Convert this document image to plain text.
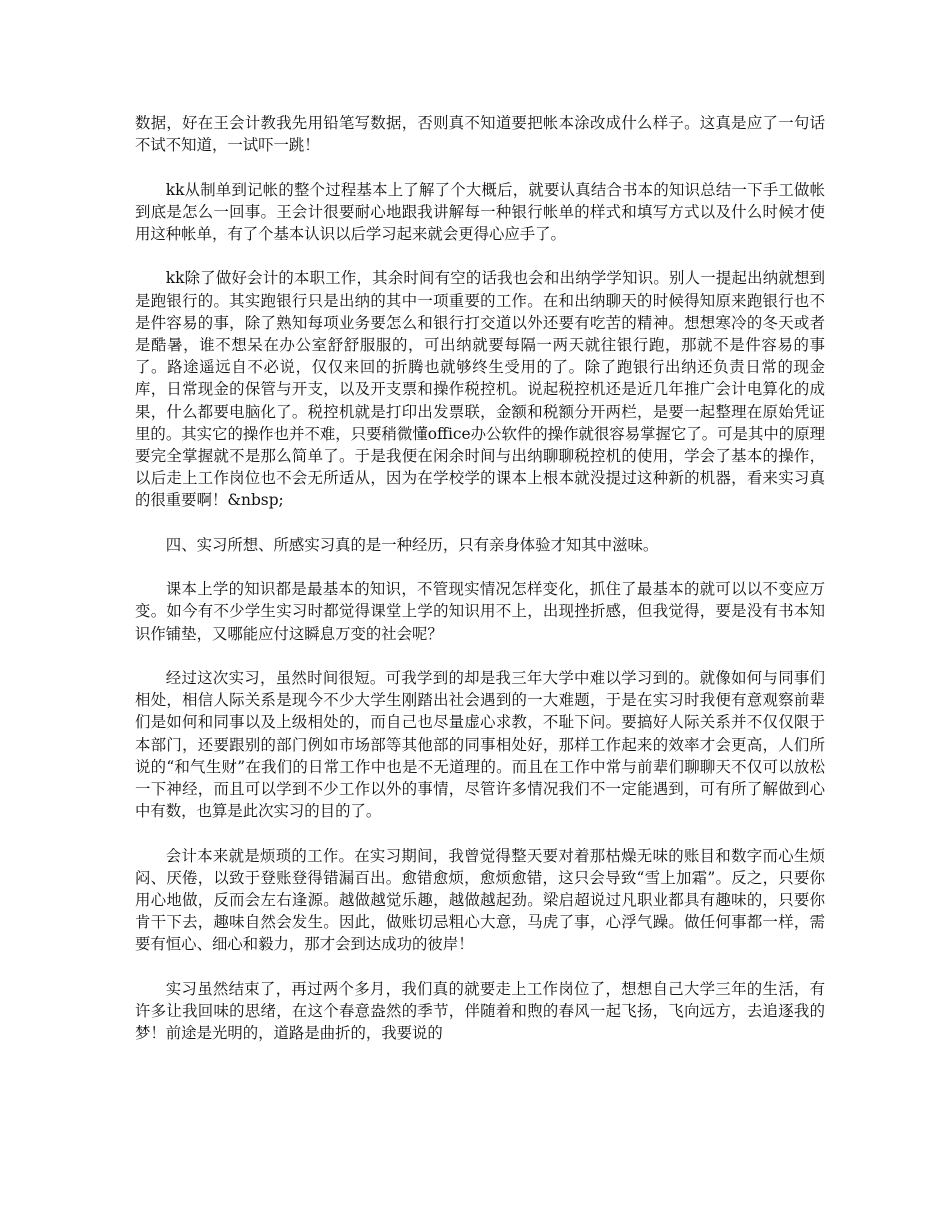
数据，好在王会计教我先用铅笔写数据，否则真不知道要把帐本涂改成什么样子。这真是应了一句话不试不知道，一试吓一跳！

kk从制单到记帐的整个过程基本上了解了个大概后，就要认真结合书本的知识总结一下手工做帐到底是怎么一回事。王会计很要耐心地跟我讲解每一种银行帐单的样式和填写方式以及什么时候才使用这种帐单，有了个基本认识以后学习起来就会更得心应手了。

kk除了做好会计的本职工作，其余时间有空的话我也会和出纳学学知识。别人一提起出纳就想到是跑银行的。其实跑银行只是出纳的其中一项重要的工作。在和出纳聊天的时候得知原来跑银行也不是件容易的事，除了熟知每项业务要怎么和银行打交道以外还要有吃苦的精神。想想寒冷的冬天或者是酷暑，谁不想呆在办公室舒舒服服的，可出纳就要每隔一两天就往银行跑，那就不是件容易的事了。路途遥远自不必说，仅仅来回的折腾也就够终生受用的了。除了跑银行出纳还负责日常的现金库，日常现金的保管与开支，以及开支票和操作税控机。说起税控机还是近几年推广会计电算化的成果，什么都要电脑化了。税控机就是打印出发票联，金额和税额分开两栏，是要一起整理在原始凭证里的。其实它的操作也并不难，只要稍微懂office办公软件的操作就很容易掌握它了。可是其中的原理要完全掌握就不是那么简单了。于是我便在闲余时间与出纳聊聊税控机的使用，学会了基本的操作，以后走上工作岗位也不会无所适从，因为在学校学的课本上根本就没提过这种新的机器，看来实习真的很重要啊！&nbsp;

四、实习所想、所感实习真的是一种经历，只有亲身体验才知其中滋味。

课本上学的知识都是最基本的知识，不管现实情况怎样变化，抓住了最基本的就可以以不变应万变。如今有不少学生实习时都觉得课堂上学的知识用不上，出现挫折感，但我觉得，要是没有书本知识作铺垫，又哪能应付这瞬息万变的社会呢？

经过这次实习，虽然时间很短。可我学到的却是我三年大学中难以学习到的。就像如何与同事们相处，相信人际关系是现今不少大学生刚踏出社会遇到的一大难题，于是在实习时我便有意观察前辈们是如何和同事以及上级相处的，而自己也尽量虚心求教，不耻下问。要搞好人际关系并不仅仅限于本部门，还要跟别的部门例如市场部等其他部的同事相处好，那样工作起来的效率才会更高，人们所说的“和气生财”在我们的日常工作中也是不无道理的。而且在工作中常与前辈们聊聊天不仅可以放松一下神经，而且可以学到不少工作以外的事情，尽管许多情况我们不一定能遇到，可有所了解做到心中有数，也算是此次实习的目的了。

会计本来就是烦琐的工作。在实习期间，我曾觉得整天要对着那枯燥无味的账目和数字而心生烦闷、厌倦，以致于登账登得错漏百出。愈错愈烦，愈烦愈错，这只会导致“雪上加霜”。反之，只要你用心地做，反而会左右逢源。越做越觉乐趣，越做越起劲。梁启超说过凡职业都具有趣味的，只要你肯干下去，趣味自然会发生。因此，做账切忌粗心大意，马虎了事，心浮气躁。做任何事都一样，需要有恒心、细心和毅力，那才会到达成功的彼岸！

实习虽然结束了，再过两个多月，我们真的就要走上工作岗位了，想想自己大学三年的生活，有许多让我回味的思绪，在这个春意盎然的季节，伴随着和煦的春风一起飞扬，飞向远方，去追逐我的梦！前途是光明的，道路是曲折的，我要说的
